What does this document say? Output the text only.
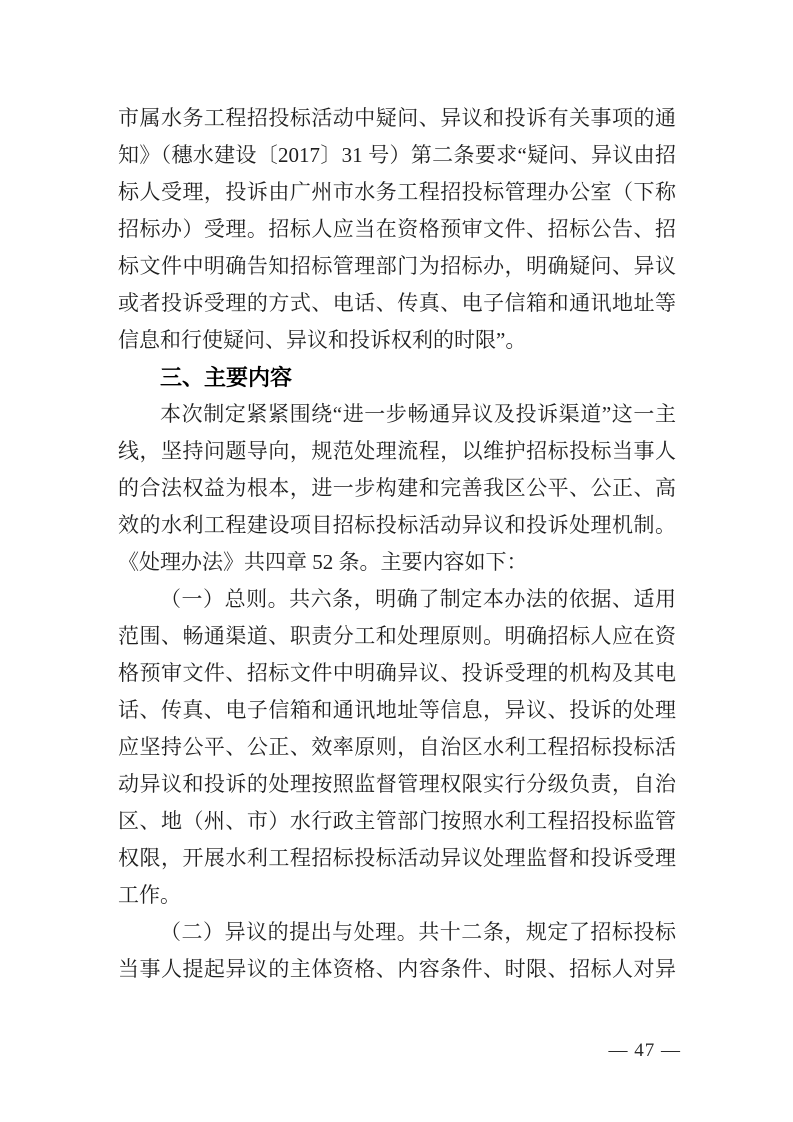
市属水务工程招投标活动中疑问、异议和投诉有关事项的通

知》（穗水建设〔2017〕31 号）第二条要求“疑问、异议由招

标人受理，投诉由广州市水务工程招投标管理办公室（下称

招标办）受理。招标人应当在资格预审文件、招标公告、招

标文件中明确告知招标管理部门为招标办，明确疑问、异议

或者投诉受理的方式、电话、传真、电子信箱和通讯地址等

信息和行使疑问、异议和投诉权利的时限”。

三、主要内容

本次制定紧紧围绕“进一步畅通异议及投诉渠道”这一主

线，坚持问题导向，规范处理流程，以维护招标投标当事人

的合法权益为根本，进一步构建和完善我区公平、公正、高

效的水利工程建设项目招标投标活动异议和投诉处理机制。

《处理办法》共四章 52 条。主要内容如下：

（一）总则。共六条，明确了制定本办法的依据、适用

范围、畅通渠道、职责分工和处理原则。明确招标人应在资

格预审文件、招标文件中明确异议、投诉受理的机构及其电

话、传真、电子信箱和通讯地址等信息，异议、投诉的处理

应坚持公平、公正、效率原则，自治区水利工程招标投标活

动异议和投诉的处理按照监督管理权限实行分级负责，自治

区、地（州、市）水行政主管部门按照水利工程招投标监管

权限，开展水利工程招标投标活动异议处理监督和投诉受理

工作。

（二）异议的提出与处理。共十二条，规定了招标投标

当事人提起异议的主体资格、内容条件、时限、招标人对异

— 47 —
